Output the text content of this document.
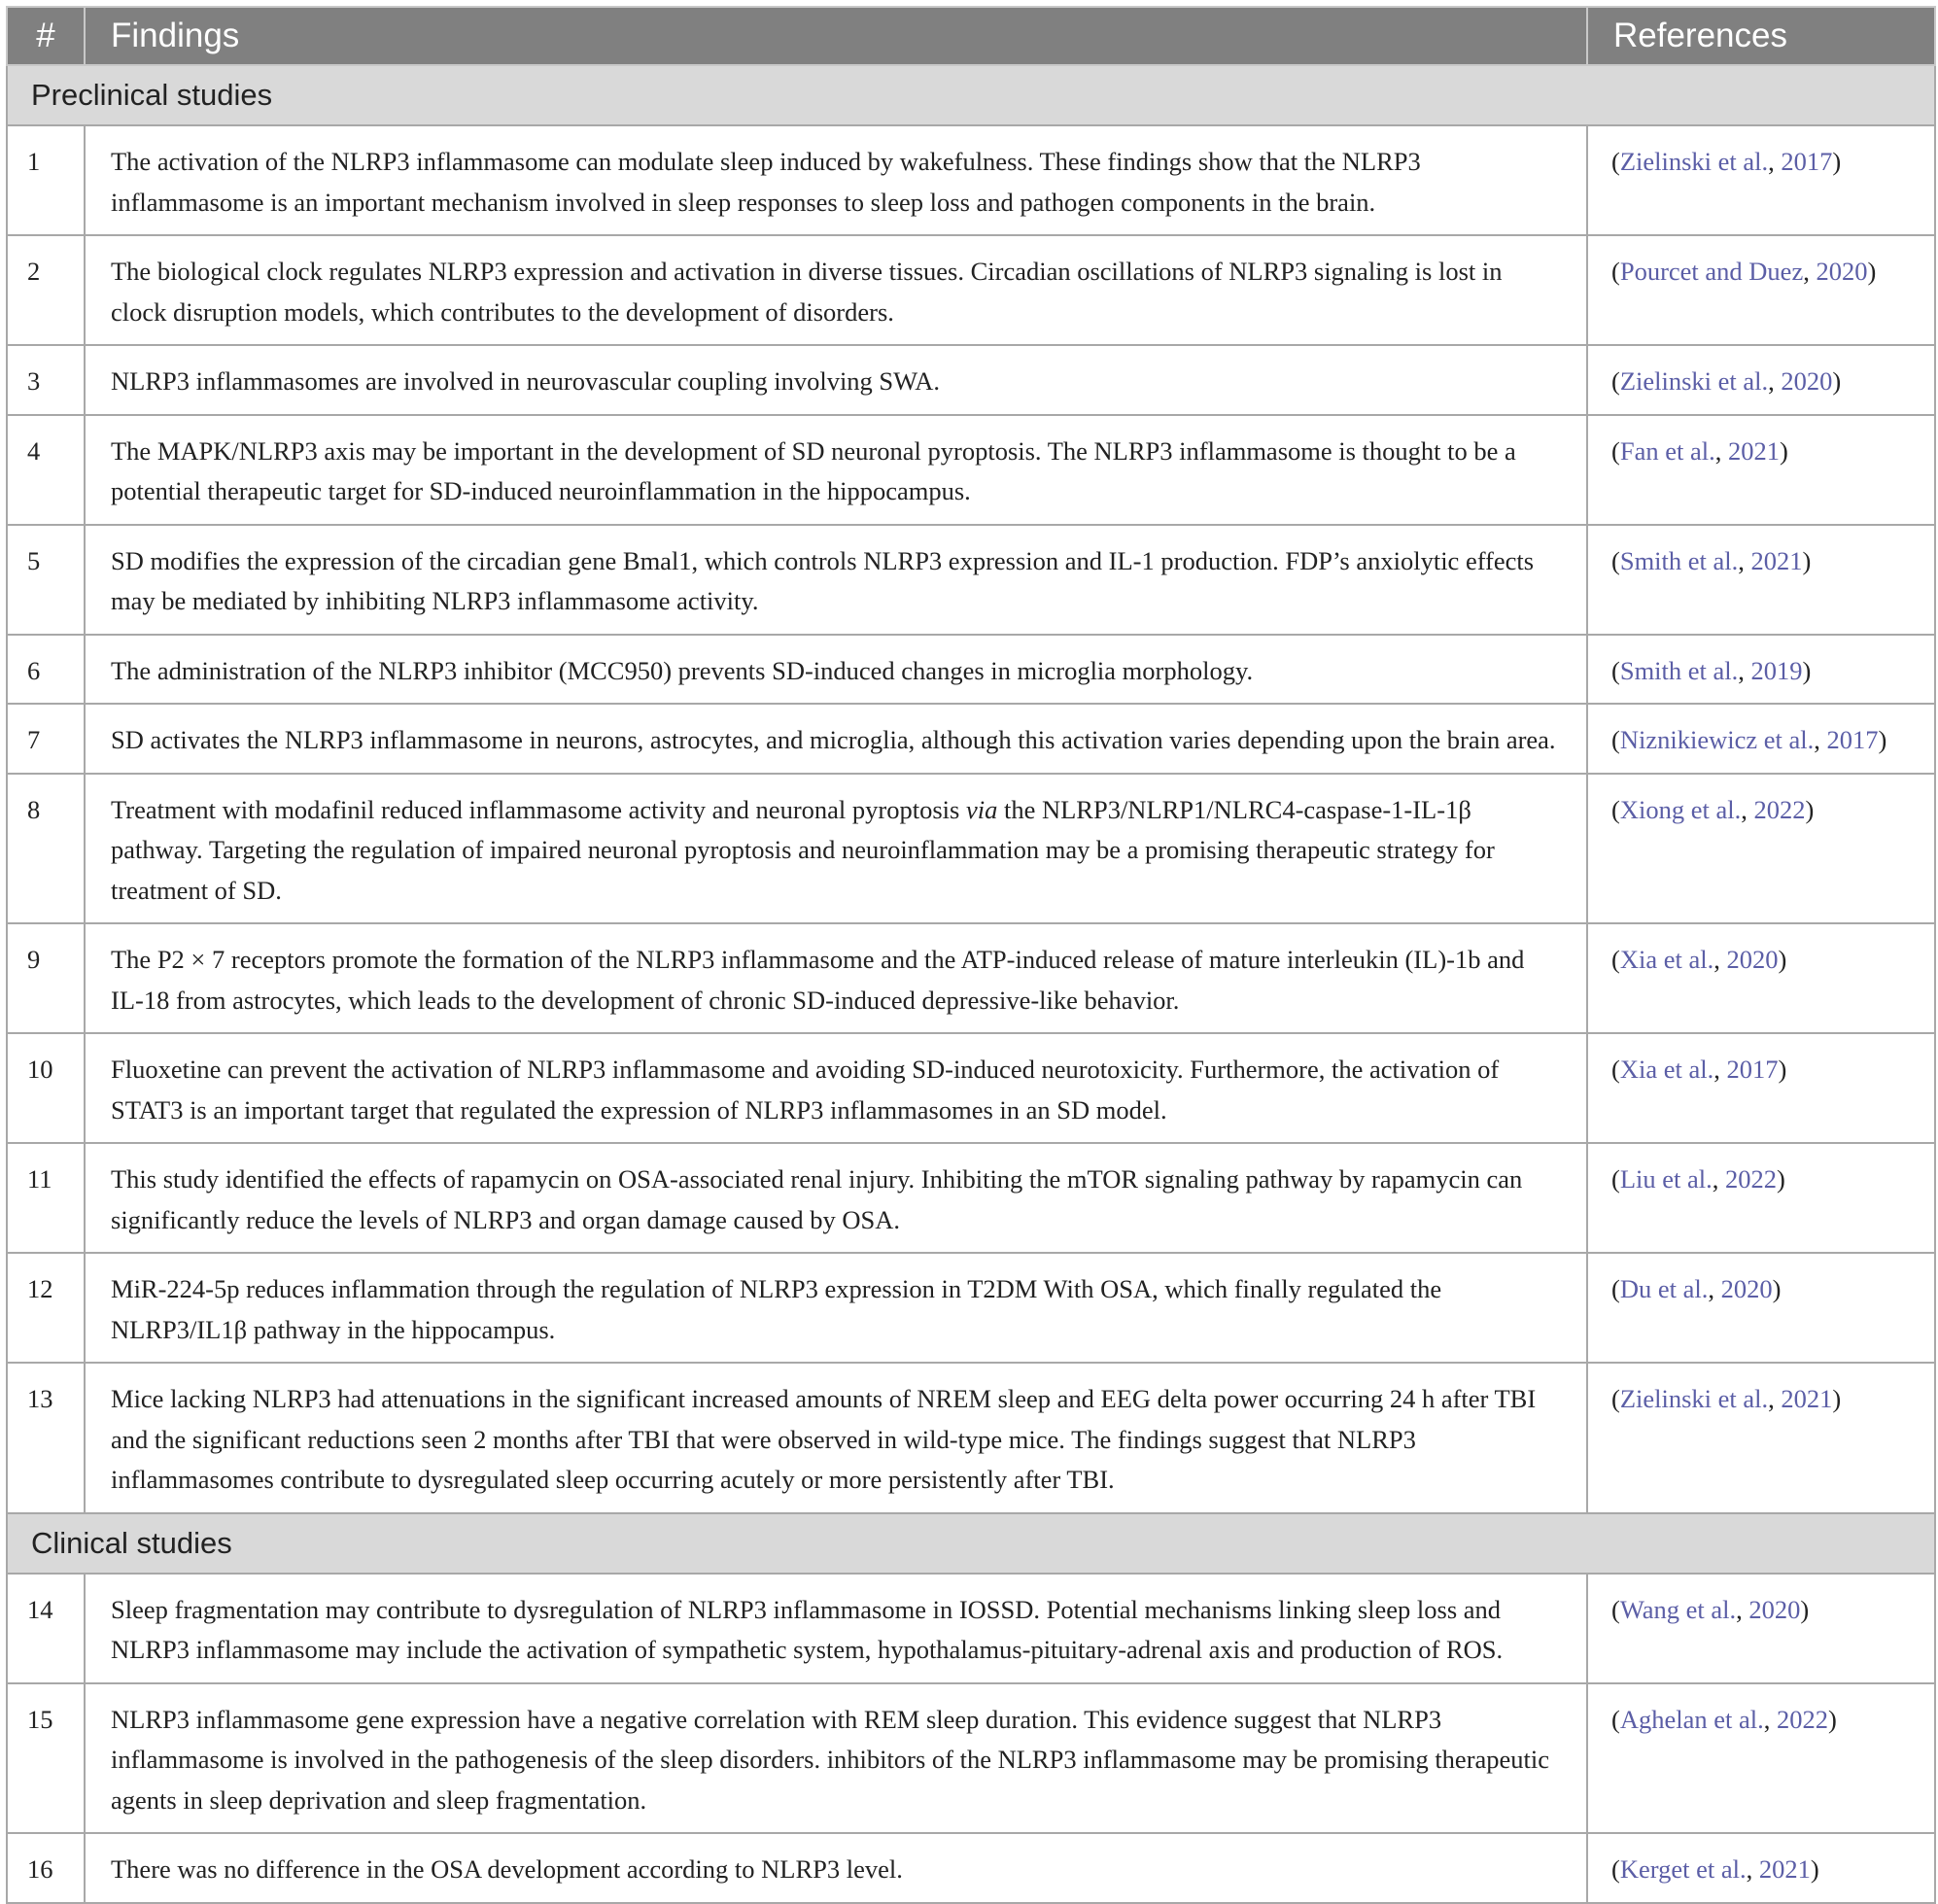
#	Findings	References
Preclinical studies		
1	The activation of the NLRP3 inflammasome can modulate sleep induced by wakefulness. These findings show that the NLRP3 inflammasome is an important mechanism involved in sleep responses to sleep loss and pathogen components in the brain.	(Zielinski et al., 2017)
2	The biological clock regulates NLRP3 expression and activation in diverse tissues. Circadian oscillations of NLRP3 signaling is lost in clock disruption models, which contributes to the development of disorders.	(Pourcet and Duez, 2020)
3	NLRP3 inflammasomes are involved in neurovascular coupling involving SWA.	(Zielinski et al., 2020)
4	The MAPK/NLRP3 axis may be important in the development of SD neuronal pyroptosis. The NLRP3 inflammasome is thought to be a potential therapeutic target for SD-induced neuroinflammation in the hippocampus.	(Fan et al., 2021)
5	SD modifies the expression of the circadian gene Bmal1, which controls NLRP3 expression and IL-1 production. FDP’s anxiolytic effects may be mediated by inhibiting NLRP3 inflammasome activity.	(Smith et al., 2021)
6	The administration of the NLRP3 inhibitor (MCC950) prevents SD-induced changes in microglia morphology.	(Smith et al., 2019)
7	SD activates the NLRP3 inflammasome in neurons, astrocytes, and microglia, although this activation varies depending upon the brain area.	(Niznikiewicz et al., 2017)
8	Treatment with modafinil reduced inflammasome activity and neuronal pyroptosis via the NLRP3/NLRP1/NLRC4-caspase-1-IL-1β pathway. Targeting the regulation of impaired neuronal pyroptosis and neuroinflammation may be a promising therapeutic strategy for treatment of SD.	(Xiong et al., 2022)
9	The P2 × 7 receptors promote the formation of the NLRP3 inflammasome and the ATP-induced release of mature interleukin (IL)-1b and IL-18 from astrocytes, which leads to the development of chronic SD-induced depressive-like behavior.	(Xia et al., 2020)
10	Fluoxetine can prevent the activation of NLRP3 inflammasome and avoiding SD-induced neurotoxicity. Furthermore, the activation of STAT3 is an important target that regulated the expression of NLRP3 inflammasomes in an SD model.	(Xia et al., 2017)
11	This study identified the effects of rapamycin on OSA-associated renal injury. Inhibiting the mTOR signaling pathway by rapamycin can significantly reduce the levels of NLRP3 and organ damage caused by OSA.	(Liu et al., 2022)
12	MiR-224-5p reduces inflammation through the regulation of NLRP3 expression in T2DM With OSA, which finally regulated the NLRP3/IL1β pathway in the hippocampus.	(Du et al., 2020)
13	Mice lacking NLRP3 had attenuations in the significant increased amounts of NREM sleep and EEG delta power occurring 24 h after TBI and the significant reductions seen 2 months after TBI that were observed in wild-type mice. The findings suggest that NLRP3 inflammasomes contribute to dysregulated sleep occurring acutely or more persistently after TBI.	(Zielinski et al., 2021)
Clinical studies		
14	Sleep fragmentation may contribute to dysregulation of NLRP3 inflammasome in IOSSD. Potential mechanisms linking sleep loss and NLRP3 inflammasome may include the activation of sympathetic system, hypothalamus-pituitary-adrenal axis and production of ROS.	(Wang et al., 2020)
15	NLRP3 inflammasome gene expression have a negative correlation with REM sleep duration. This evidence suggest that NLRP3 inflammasome is involved in the pathogenesis of the sleep disorders. inhibitors of the NLRP3 inflammasome may be promising therapeutic agents in sleep deprivation and sleep fragmentation.	(Aghelan et al., 2022)
16	There was no difference in the OSA development according to NLRP3 level.	(Kerget et al., 2021)
